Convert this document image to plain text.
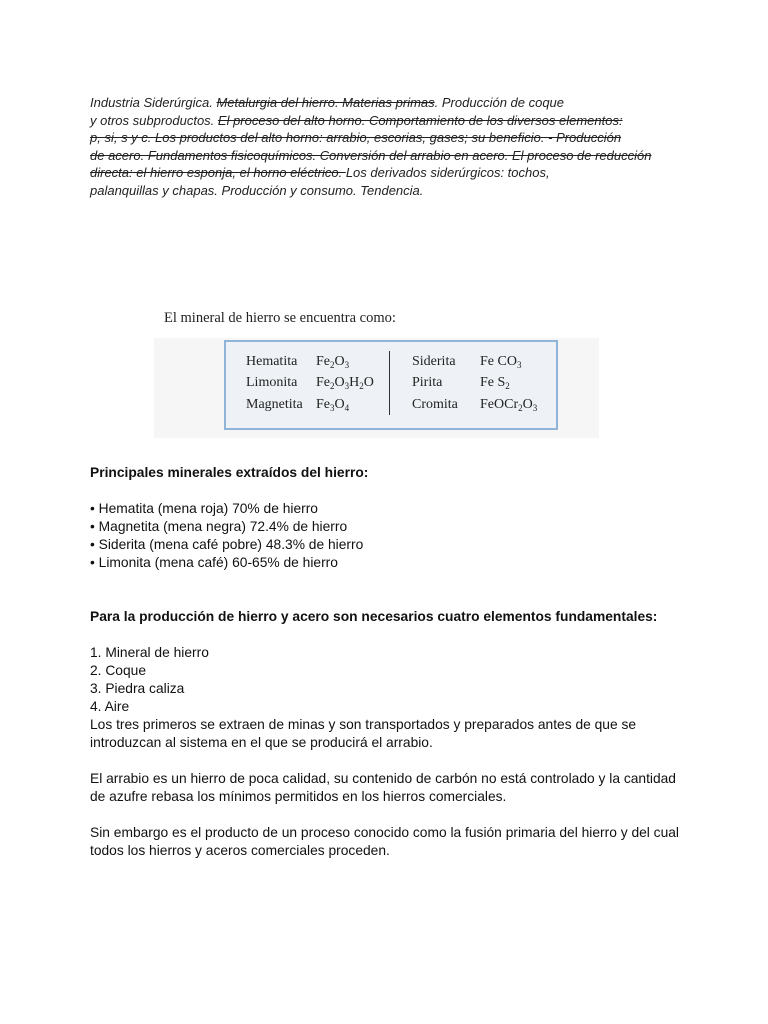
Industria Siderúrgica. Metalurgia del hierro. Materias primas. Producción de coque
y otros subproductos. El proceso del alto horno. Comportamiento de los diversos elementos:
p, si, s y c. Los productos del alto horno: arrabio, escorias, gases; su beneficio. - Producción
de acero. Fundamentos fisicoquímicos. Conversión del arrabio en acero. El proceso de reducción directa: el hierro esponja, el horno eléctrico. Los derivados siderúrgicos: tochos,
palanquillas y chapas. Producción y consumo. Tendencia.
El mineral de hierro se encuentra como:
Hematita $Fe_2O_3$
Limonita $Fe_2O_3H_2O$
Magnetita $Fe_3O_4$
Siderita Fe $CO_3$
Pirita	Fe $S_2$
Cromita $FeOCr_2O_3$

Principales minerales extraídos del hierro:

• Hematita (mena roja) 70% de hierro

• Magnetita (mena negra) 72.4% de hierro

• Siderita (mena café pobre) 48.3% de hierro

• Limonita (mena café) 60-65% de hierro

Para la producción de hierro y acero son necesarios cuatro elementos fundamentales:

1. Mineral de hierro

2. Coque

3. Piedra caliza

4. Aire

Los tres primeros se extraen de minas y son transportados y preparados antes de que se introduzcan al sistema en el que se producirá el arrabio.

El arrabio es un hierro de poca calidad, su contenido de carbón no está controlado y la cantidad de azufre rebasa los mínimos permitidos en los hierros comerciales.

Sin embargo es el producto de un proceso conocido como la fusión primaria del hierro y del cual todos los hierros y aceros comerciales proceden.
